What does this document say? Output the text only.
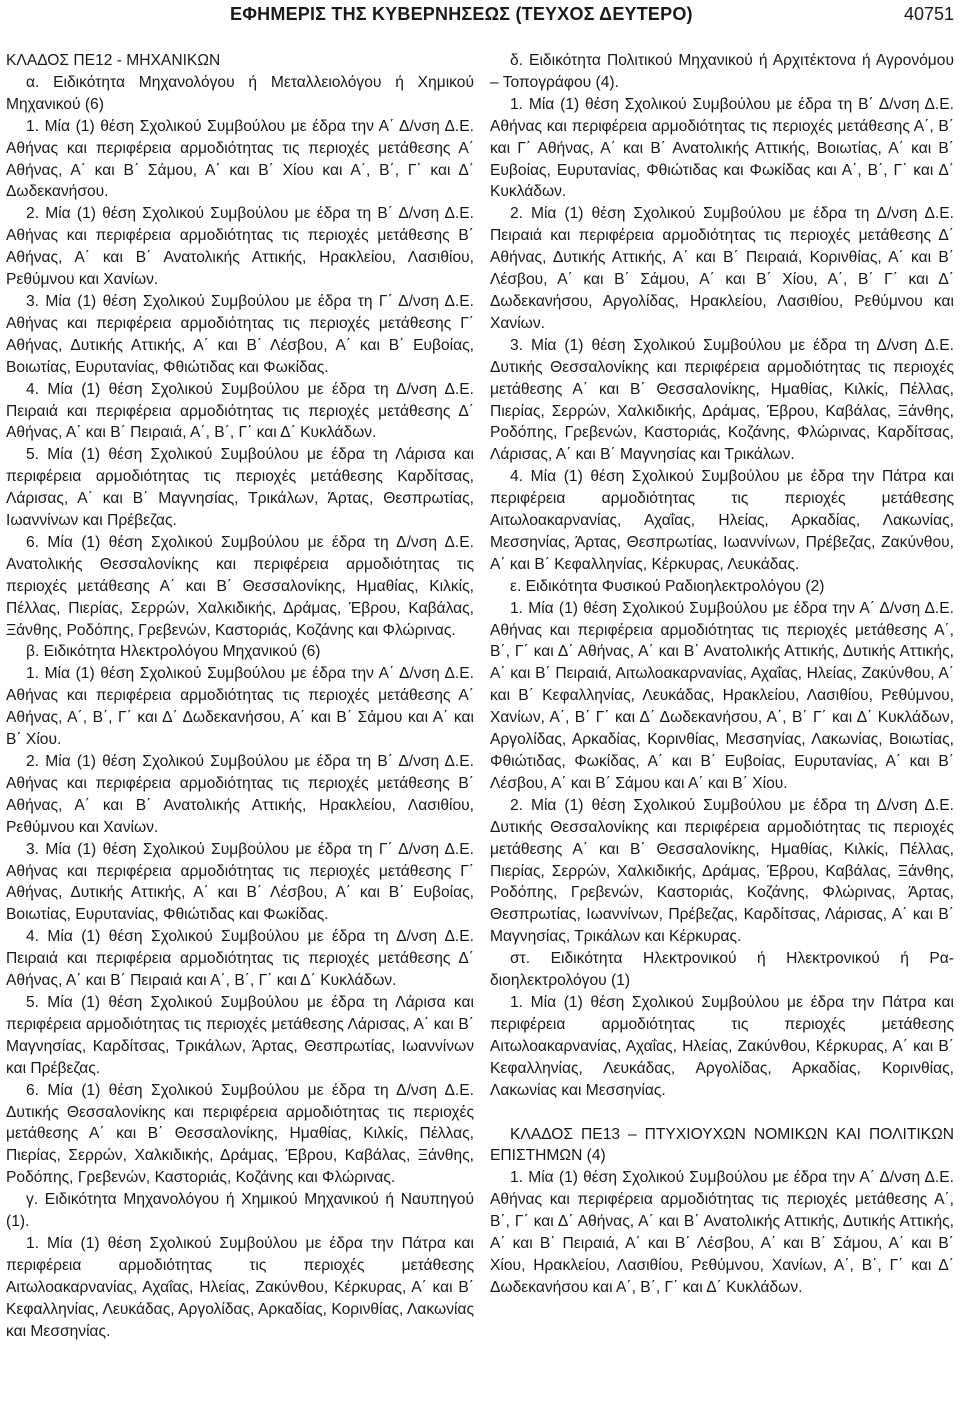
ΕΦΗΜΕΡΙΣ ΤΗΣ ΚΥΒΕΡΝΗΣΕΩΣ (ΤΕΥΧΟΣ ΔΕΥΤΕΡΟ)	40751

ΚΛΑΔΟΣ ΠΕ12 - ΜΗΧΑΝΙΚΩΝ

α. Ειδικότητα Μηχανολόγου ή Μεταλλειολόγου ή Χημικού Μηχανικού (6)

1. Μία (1) θέση Σχολικού Συμβούλου με έδρα την Α΄ Δ/νση Δ.Ε. Αθήνας και περιφέρεια αρμοδιότητας τις περιοχές μετάθεσης Α΄ Αθήνας, Α΄ και Β΄ Σάμου, Α΄ και Β΄ Χίου και Α΄, Β΄, Γ΄ και Δ΄ Δωδεκανήσου.

2. Μία (1) θέση Σχολικού Συμβούλου με έδρα τη Β΄ Δ/νση Δ.Ε. Αθήνας και περιφέρεια αρμοδιότητας τις περιοχές μετάθεσης Β΄ Αθήνας, Α΄ και Β΄ Ανατολικής Αττικής, Ηρακλείου, Λασιθίου, Ρεθύμνου και Χανίων.

3. Μία (1) θέση Σχολικού Συμβούλου με έδρα τη Γ΄ Δ/νση Δ.Ε. Αθήνας και περιφέρεια αρμοδιότητας τις περιοχές μετάθεσης Γ΄ Αθήνας, Δυτικής Αττικής, Α΄ και Β΄ Λέσβου, Α΄ και Β΄ Ευβοίας, Βοιωτίας, Ευρυτανίας, Φθιώτιδας και Φωκίδας.

4. Μία (1) θέση Σχολικού Συμβούλου με έδρα τη Δ/νση Δ.Ε. Πειραιά και περιφέρεια αρμοδιότητας τις περιοχές μετάθεσης Δ΄ Αθήνας, Α΄ και Β΄ Πειραιά, Α΄, Β΄, Γ΄ και Δ΄ Κυκλάδων.

5. Μία (1) θέση Σχολικού Συμβούλου με έδρα τη Λάρισα και περιφέρεια αρμοδιότητας τις περιοχές μετάθεσης Καρδίτσας, Λάρισας, Α΄ και Β΄ Μαγνησίας, Τρικάλων, Άρτας, Θεσπρωτίας, Ιωαννίνων και Πρέβεζας.

6. Μία (1) θέση Σχολικού Συμβούλου με έδρα τη Δ/νση Δ.Ε. Ανατολικής Θεσσαλονίκης και περιφέρεια αρμοδιότητας τις περιοχές μετάθεσης Α΄ και Β΄ Θεσσαλονίκης, Ημαθίας, Κιλκίς, Πέλλας, Πιερίας, Σερρών, Χαλκιδικής, Δράμας, Έβρου, Καβάλας, Ξάνθης, Ροδόπης, Γρεβενών, Καστοριάς, Κοζάνης και Φλώρινας.

β. Ειδικότητα Ηλεκτρολόγου Μηχανικού (6)

1. Μία (1) θέση Σχολικού Συμβούλου με έδρα την Α΄ Δ/νση Δ.Ε. Αθήνας και περιφέρεια αρμοδιότητας τις περιοχές μετάθεσης Α΄ Αθήνας, Α΄, Β΄, Γ΄ και Δ΄ Δωδεκανήσου, Α΄ και Β΄ Σάμου και Α΄ και Β΄ Χίου.

2. Μία (1) θέση Σχολικού Συμβούλου με έδρα τη Β΄ Δ/νση Δ.Ε. Αθήνας και περιφέρεια αρμοδιότητας τις περιοχές μετάθεσης Β΄ Αθήνας, Α΄ και Β΄ Ανατολικής Αττικής, Ηρακλείου, Λασιθίου, Ρεθύμνου και Χανίων.

3. Μία (1) θέση Σχολικού Συμβούλου με έδρα τη Γ΄ Δ/νση Δ.Ε. Αθήνας και περιφέρεια αρμοδιότητας τις περιοχές μετάθεσης Γ΄ Αθήνας, Δυτικής Αττικής, Α΄ και Β΄ Λέσβου, Α΄ και Β΄ Ευβοίας, Βοιωτίας, Ευρυτανίας, Φθιώτιδας και Φωκίδας.

4. Μία (1) θέση Σχολικού Συμβούλου με έδρα τη Δ/νση Δ.Ε. Πειραιά και περιφέρεια αρμοδιότητας τις περιοχές μετάθεσης Δ΄ Αθήνας, Α΄ και Β΄ Πειραιά και Α΄, Β΄, Γ΄ και Δ΄ Κυκλάδων.

5. Μία (1) θέση Σχολικού Συμβούλου με έδρα τη Λάρισα και περιφέρεια αρμοδιότητας τις περιοχές μετάθεσης Λάρισας, Α΄ και Β΄ Μαγνησίας, Καρδίτσας, Τρικάλων, Άρτας, Θεσπρωτίας, Ιωαννίνων και Πρέβεζας.

6. Μία (1) θέση Σχολικού Συμβούλου με έδρα τη Δ/νση Δ.Ε. Δυτικής Θεσσαλονίκης και περιφέρεια αρμοδιότητας τις περιοχές μετάθεσης Α΄ και Β΄ Θεσσαλονίκης, Ημαθίας, Κιλκίς, Πέλλας, Πιερίας, Σερρών, Χαλκιδικής, Δράμας, Έβρου, Καβάλας, Ξάνθης, Ροδόπης, Γρεβενών, Καστοριάς, Κοζάνης και Φλώρινας.

γ. Ειδικότητα Μηχανολόγου ή Χημικού Μηχανικού ή Ναυπηγού (1).

1. Μία (1) θέση Σχολικού Συμβούλου με έδρα την Πάτρα και περιφέρεια αρμοδιότητας τις περιοχές μετάθεσης Αιτωλοακαρνανίας, Αχαΐας, Ηλείας, Ζακύνθου, Κέρκυρας, Α΄ και Β΄ Κεφαλληνίας, Λευκάδας, Αργολίδας, Αρκαδίας, Κορινθίας, Λακωνίας και Μεσσηνίας.

δ. Ειδικότητα Πολιτικού Μηχανικού ή Αρχιτέκτονα ή Αγρονόμου – Τοπογράφου (4).

1. Μία (1) θέση Σχολικού Συμβούλου με έδρα τη Β΄ Δ/νση Δ.Ε. Αθήνας και περιφέρεια αρμοδιότητας τις περιοχές μετάθεσης Α΄, Β΄ και Γ΄ Αθήνας, Α΄ και Β΄ Ανατολικής Αττικής, Βοιωτίας, Α΄ και Β΄ Ευβοίας, Ευρυτανίας, Φθιώτιδας και Φωκίδας και Α΄, Β΄, Γ΄ και Δ΄ Κυκλάδων.

2. Μία (1) θέση Σχολικού Συμβούλου με έδρα τη Δ/νση Δ.Ε. Πειραιά και περιφέρεια αρμοδιότητας τις περιοχές μετάθεσης Δ΄ Αθήνας, Δυτικής Αττικής, Α΄ και Β΄ Πειραιά, Κορινθίας, Α΄ και Β΄ Λέσβου, Α΄ και Β΄ Σάμου, Α΄ και Β΄ Χίου, Α΄, Β΄ Γ΄ και Δ΄ Δωδεκανήσου, Αργολίδας, Ηρακλείου, Λασιθίου, Ρεθύμνου και Χανίων.

3. Μία (1) θέση Σχολικού Συμβούλου με έδρα τη Δ/νση Δ.Ε. Δυτικής Θεσσαλονίκης και περιφέρεια αρμοδιότητας τις περιοχές μετάθεσης Α΄ και Β΄ Θεσσαλονίκης, Ημαθίας, Κιλκίς, Πέλλας, Πιερίας, Σερρών, Χαλκιδικής, Δράμας, Έβρου, Καβάλας, Ξάνθης, Ροδόπης, Γρεβενών, Καστοριάς, Κοζάνης, Φλώρινας, Καρδίτσας, Λάρισας, Α΄ και Β΄ Μαγνησίας και Τρικάλων.

4. Μία (1) θέση Σχολικού Συμβούλου με έδρα την Πάτρα και περιφέρεια αρμοδιότητας τις περιοχές μετάθεσης Αιτωλοακαρνανίας, Αχαΐας, Ηλείας, Αρκαδίας, Λακωνίας, Μεσσηνίας, Άρτας, Θεσπρωτίας, Ιωαννίνων, Πρέβεζας, Ζακύνθου, Α΄ και Β΄ Κεφαλληνίας, Κέρκυρας, Λευκάδας.

ε. Ειδικότητα Φυσικού Ραδιοηλεκτρολόγου (2)

1. Μία (1) θέση Σχολικού Συμβούλου με έδρα την Α΄ Δ/νση Δ.Ε. Αθήνας και περιφέρεια αρμοδιότητας τις περιοχές μετάθεσης Α΄, Β΄, Γ΄ και Δ΄ Αθήνας, Α΄ και Β΄ Ανατολικής Αττικής, Δυτικής Αττικής, Α΄ και Β΄ Πειραιά, Αιτωλοακαρνανίας, Αχαΐας, Ηλείας, Ζακύνθου, Α΄ και Β΄ Κεφαλληνίας, Λευκάδας, Ηρακλείου, Λασιθίου, Ρεθύμνου, Χανίων, Α΄, Β΄ Γ΄ και Δ΄ Δωδεκανήσου, Α΄, Β΄ Γ΄ και Δ΄ Κυκλάδων, Αργολίδας, Αρκαδίας, Κορινθίας, Μεσσηνίας, Λακωνίας, Βοιωτίας, Φθιώτιδας, Φωκίδας, Α΄ και Β΄ Ευβοίας, Ευρυτανίας, Α΄ και Β΄ Λέσβου, Α΄ και Β΄ Σάμου και Α΄ και Β΄ Χίου.

2. Μία (1) θέση Σχολικού Συμβούλου με έδρα τη Δ/νση Δ.Ε. Δυτικής Θεσσαλονίκης και περιφέρεια αρμοδιότητας τις περιοχές μετάθεσης Α΄ και Β΄ Θεσσαλονίκης, Ημαθίας, Κιλκίς, Πέλλας, Πιερίας, Σερρών, Χαλκιδικής, Δράμας, Έβρου, Καβάλας, Ξάνθης, Ροδόπης, Γρεβενών, Καστοριάς, Κοζάνης, Φλώρινας, Άρτας, Θεσπρωτίας, Ιωαννίνων, Πρέβεζας, Καρδίτσας, Λάρισας, Α΄ και Β΄ Μαγνησίας, Τρικάλων και Κέρκυρας.

στ. Ειδικότητα Ηλεκτρονικού ή Ηλεκτρονικού ή Ραδιοηλεκτρολόγου (1)

1. Μία (1) θέση Σχολικού Συμβούλου με έδρα την Πάτρα και περιφέρεια αρμοδιότητας τις περιοχές μετάθεσης Αιτωλοακαρνανίας, Αχαΐας, Ηλείας, Ζακύνθου, Κέρκυρας, Α΄ και Β΄ Κεφαλληνίας, Λευκάδας, Αργολίδας, Αρκαδίας, Κορινθίας, Λακωνίας και Μεσσηνίας.

ΚΛΑΔΟΣ ΠΕ13 – ΠΤΥΧΙΟΥΧΩΝ ΝΟΜΙΚΩΝ ΚΑΙ ΠΟΛΙΤΙΚΩΝ ΕΠΙΣΤΗΜΩΝ (4)

1. Μία (1) θέση Σχολικού Συμβούλου με έδρα την Α΄ Δ/νση Δ.Ε. Αθήνας και περιφέρεια αρμοδιότητας τις περιοχές μετάθεσης Α΄, Β΄, Γ΄ και Δ΄ Αθήνας, Α΄ και Β΄ Ανατολικής Αττικής, Δυτικής Αττικής, Α΄ και Β΄ Πειραιά, Α΄ και Β΄ Λέσβου, Α΄ και Β΄ Σάμου, Α΄ και Β΄ Χίου, Ηρακλείου, Λασιθίου, Ρεθύμνου, Χανίων, Α΄, Β΄, Γ΄ και Δ΄ Δωδεκανήσου και Α΄, Β΄, Γ΄ και Δ΄ Κυκλάδων.
